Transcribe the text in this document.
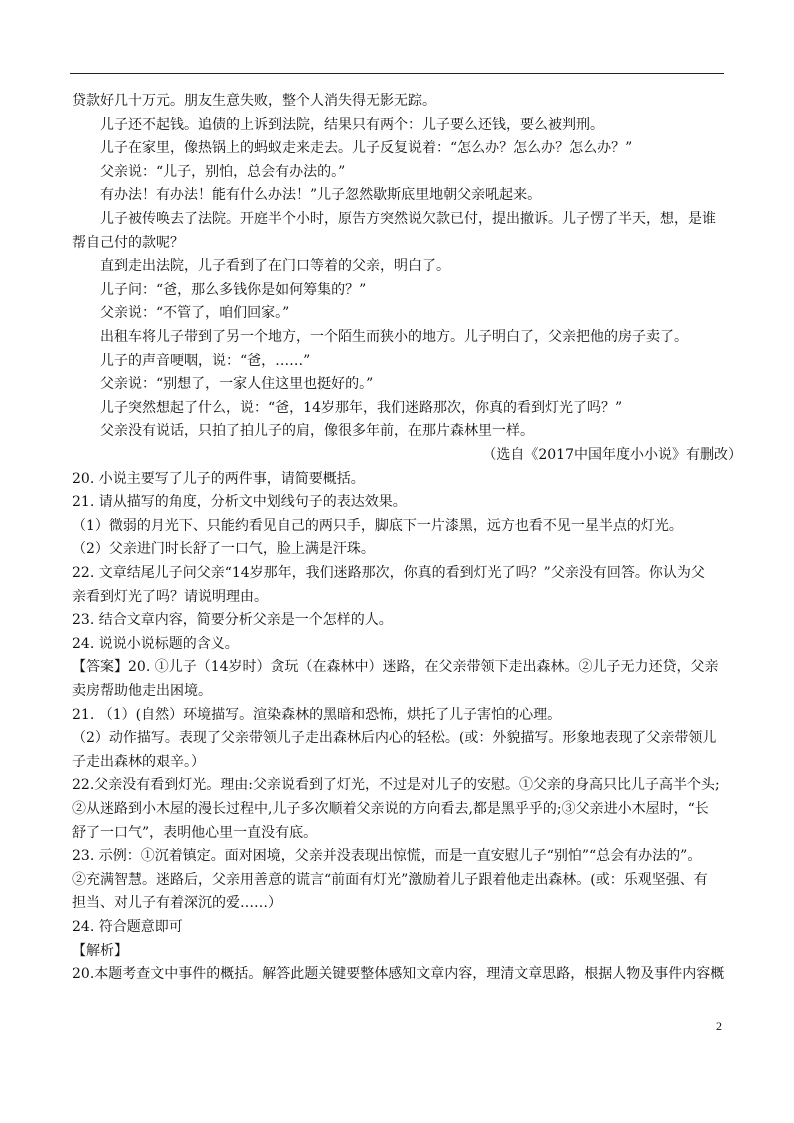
贷款好几十万元。朋友生意失败，整个人消失得无影无踪。
儿子还不起钱。追债的上诉到法院，结果只有两个：儿子要么还钱，要么被判刑。
儿子在家里，像热锅上的蚂蚁走来走去。儿子反复说着：“怎么办？怎么办？怎么办？”
父亲说：“儿子，别怕，总会有办法的。”
有办法！有办法！能有什么办法！”儿子忽然歇斯底里地朝父亲吼起来。
儿子被传唤去了法院。开庭半个小时，原告方突然说欠款已付，提出撤诉。儿子愣了半天，想，是谁
帮自己付的款呢？
直到走出法院，儿子看到了在门口等着的父亲，明白了。
儿子问：“爸，那么多钱你是如何筹集的？”
父亲说：“不管了，咱们回家。”
出租车将儿子带到了另一个地方，一个陌生而狭小的地方。儿子明白了，父亲把他的房子卖了。
儿子的声音哽咽，说：“爸，……”
父亲说：“别想了，一家人住这里也挺好的。”
儿子突然想起了什么，说：“爸，14岁那年，我们迷路那次，你真的看到灯光了吗？”
父亲没有说话，只拍了拍儿子的肩，像很多年前，在那片森林里一样。
（选自《2017中国年度小小说》有删改）
20. 小说主要写了儿子的两件事，请简要概括。
21. 请从描写的角度，分析文中划线句子的表达效果。
（1）微弱的月光下、只能约看见自己的两只手，脚底下一片漆黑，远方也看不见一星半点的灯光。
（2）父亲进门时长舒了一口气，脸上满是汗珠。
22. 文章结尾儿子问父亲“14岁那年，我们迷路那次，你真的看到灯光了吗？”父亲没有回答。你认为父
亲看到灯光了吗？请说明理由。
23. 结合文章内容，简要分析父亲是一个怎样的人。
24. 说说小说标题的含义。
【答案】20. ①儿子（14岁时）贪玩（在森林中）迷路，在父亲带领下走出森林。②儿子无力还贷，父亲
卖房帮助他走出困境。
21. （1）(自然）环境描写。渲染森林的黑暗和恐怖，烘托了儿子害怕的心理。
（2）动作描写。表现了父亲带领儿子走出森林后内心的轻松。(或：外貌描写。形象地表现了父亲带领儿
子走出森林的艰辛。）
22.父亲没有看到灯光。理由:父亲说看到了灯光，不过是对儿子的安慰。①父亲的身高只比儿子高半个头;
②从迷路到小木屋的漫长过程中,儿子多次顺着父亲说的方向看去,都是黑乎乎的;③父亲进小木屋时，“长
舒了一口气”，表明他心里一直没有底。
23. 示例：①沉着镇定。面对困境，父亲并没表现出惊慌，而是一直安慰儿子“别怕”“总会有办法的”。
②充满智慧。迷路后，父亲用善意的谎言“前面有灯光”激励着儿子跟着他走出森林。(或：乐观坚强、有
担当、对儿子有着深沉的爱……）
24. 符合题意即可
【解析】
20.本题考查文中事件的概括。解答此题关键要整体感知文章内容，理清文章思路，根据人物及事件内容概
2
